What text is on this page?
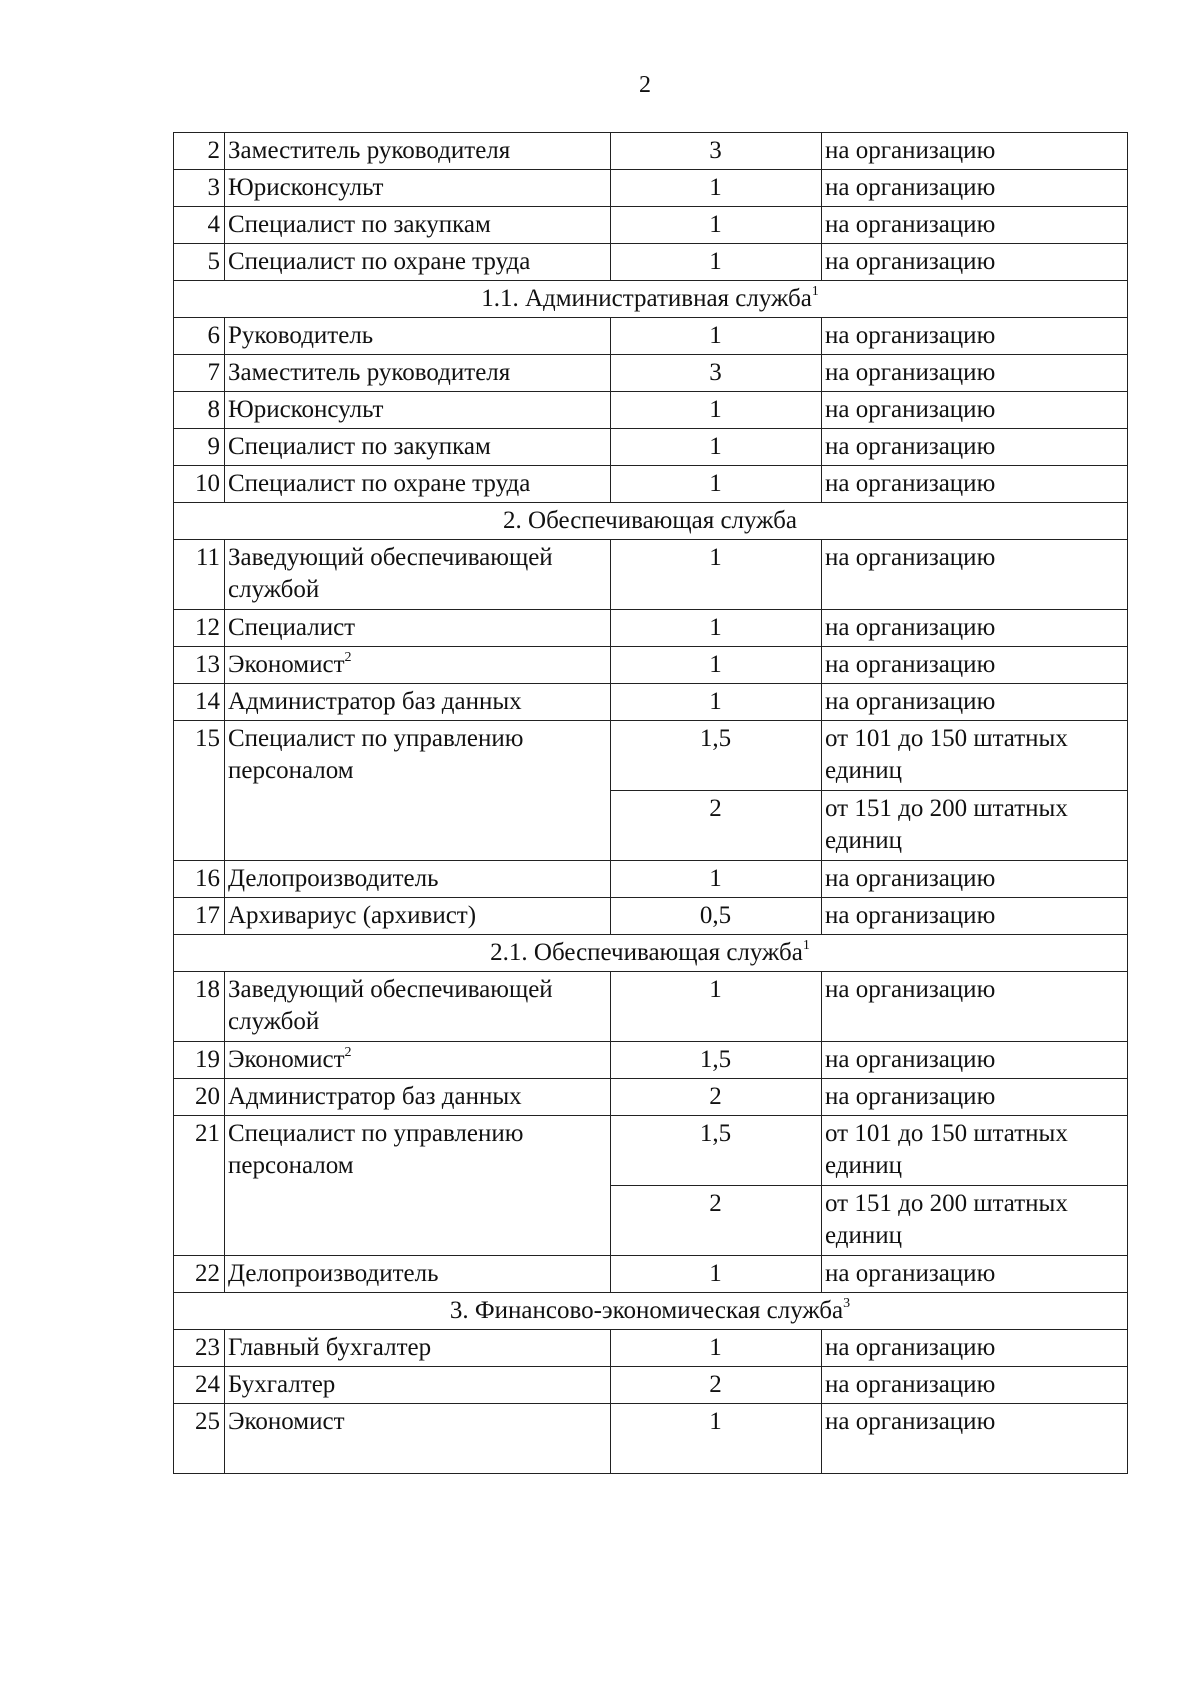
2
2	Заместитель руководителя	3	на организацию
3	Юрисконсульт	1	на организацию
4	Специалист по закупкам	1	на организацию
5	Специалист по охране труда	1	на организацию
1.1. Административная служба$^1$
6	Руководитель	1	на организацию
7	Заместитель руководителя	3	на организацию
8	Юрисконсульт	1	на организацию
9	Специалист по закупкам	1	на организацию
10	Специалист по охране труда	1	на организацию
2. Обеспечивающая служба			
11	Заведующий обеспечивающей службой	1	на организацию
12	Специалист	1	на организацию
13	Экономист$^2$	1	на организацию
14	Администратор баз данных	1	на организацию
15	Специалист по управлению персоналом	1,5	от 101 до 150 штатных единиц
		2	от 151 до 200 штатных единиц
16	Делопроизводитель	1	на организацию
17	Архивариус (архивист)	0,5	на организацию
2.1. Обеспечивающая служба$^1$
18	Заведующий обеспечивающей службой	1	на организацию
19	Экономист$^2$	1,5	на организацию
20	Администратор баз данных	2	на организацию
21	Специалист по управлению персоналом	1,5	от 101 до 150 штатных единиц
		2	от 151 до 200 штатных единиц
22	Делопроизводитель	1	на организацию
3. Финансово-экономическая служба$^3$
23	Главный бухгалтер	1	на организацию
24	Бухгалтер	2	на организацию
25	Экономист	1	на организацию
